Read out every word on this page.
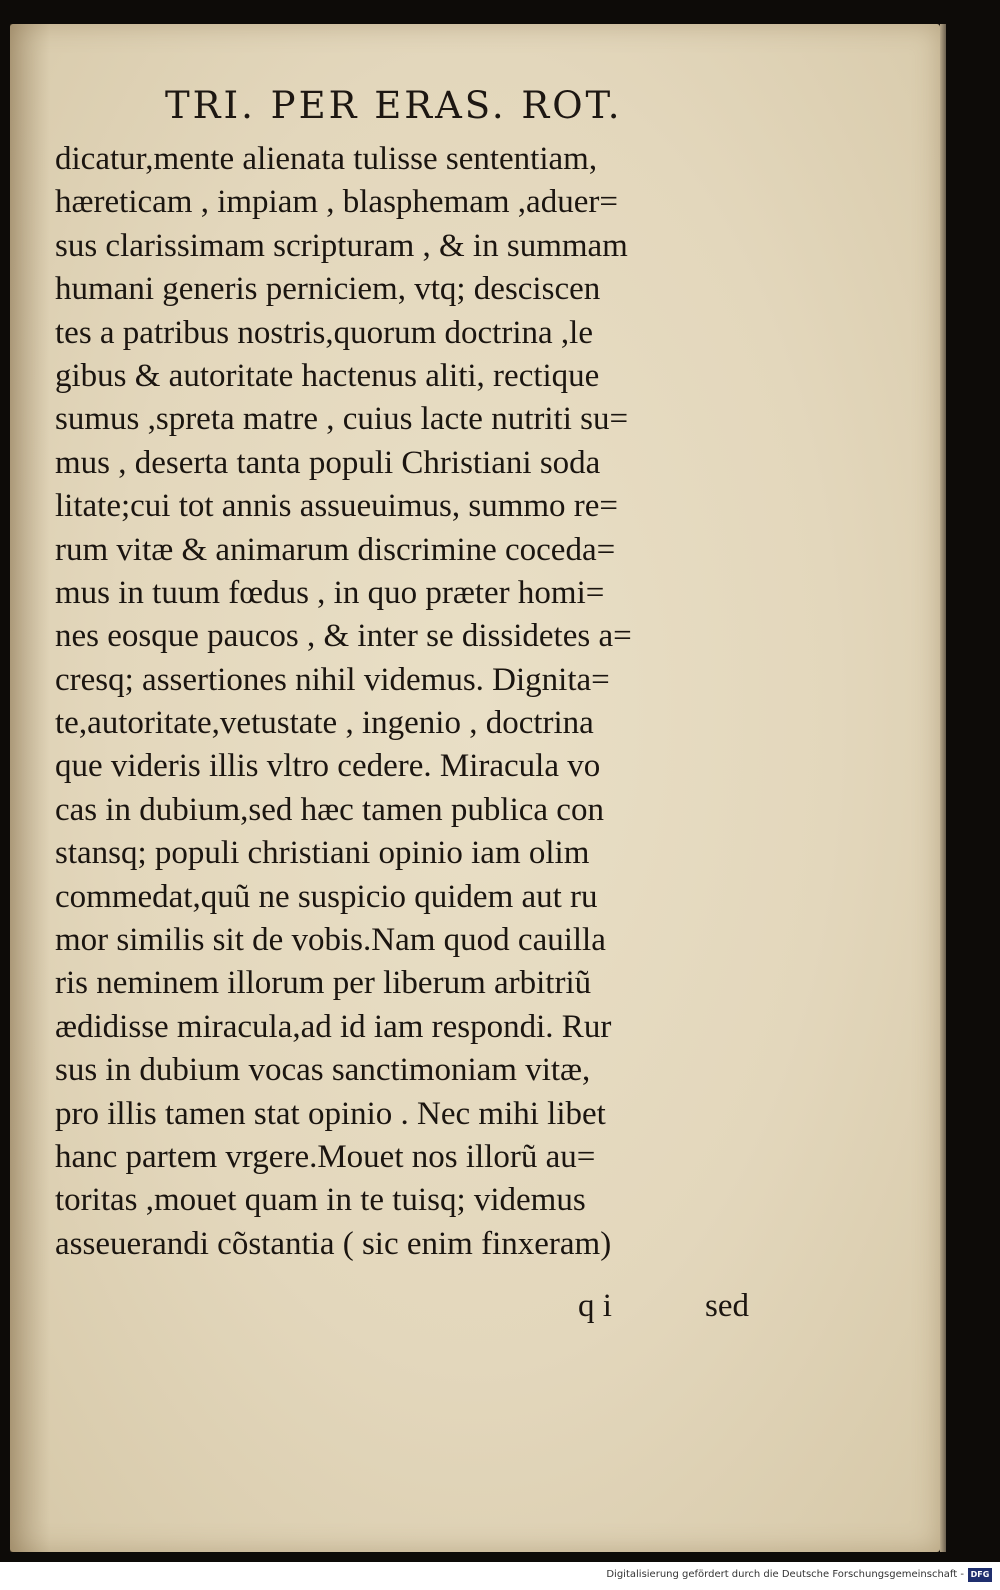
TRI. PER ERAS. ROT.
dicatur,mente alienata tulisse sententiam,
hæreticam , impiam , blasphemam ,aduer=
sus clarissimam scripturam , & in summam
humani generis perniciem, vtq; desciscen
tes a patribus nostris,quorum doctrina ,le
gibus & autoritate hactenus aliti, rectique
sumus ,spreta matre , cuius lacte nutriti su=
mus , deserta tanta populi Christiani soda
litate;cui tot annis assueuimus, summo re=
rum vitæ & animarum discrimine coceda=
mus in tuum fœdus , in quo præter homi=
nes eosque paucos , & inter se dissidetes a=
cresq; assertiones nihil videmus. Dignita=
te,autoritate,vetustate , ingenio , doctrina
que videris illis vltro cedere. Miracula vo
cas in dubium,sed hæc tamen publica con
stansq; populi christiani opinio iam olim
commedat,quũ ne suspicio quidem aut ru
mor similis sit de vobis.Nam quod cauilla
ris neminem illorum per liberum arbitriũ
ædidisse miracula,ad id iam respondi. Rur
sus in dubium vocas sanctimoniam vitæ,
pro illis tamen stat opinio . Nec mihi libet
hanc partem vrgere.Mouet nos illorũ au=
toritas ,mouet quam in te tuisq; videmus
asseuerandi cõstantia ( sic enim finxeram)
q i	sed
Digitalisierung gefördert durch die Deutsche Forschungsgemeinschaft - DFG
